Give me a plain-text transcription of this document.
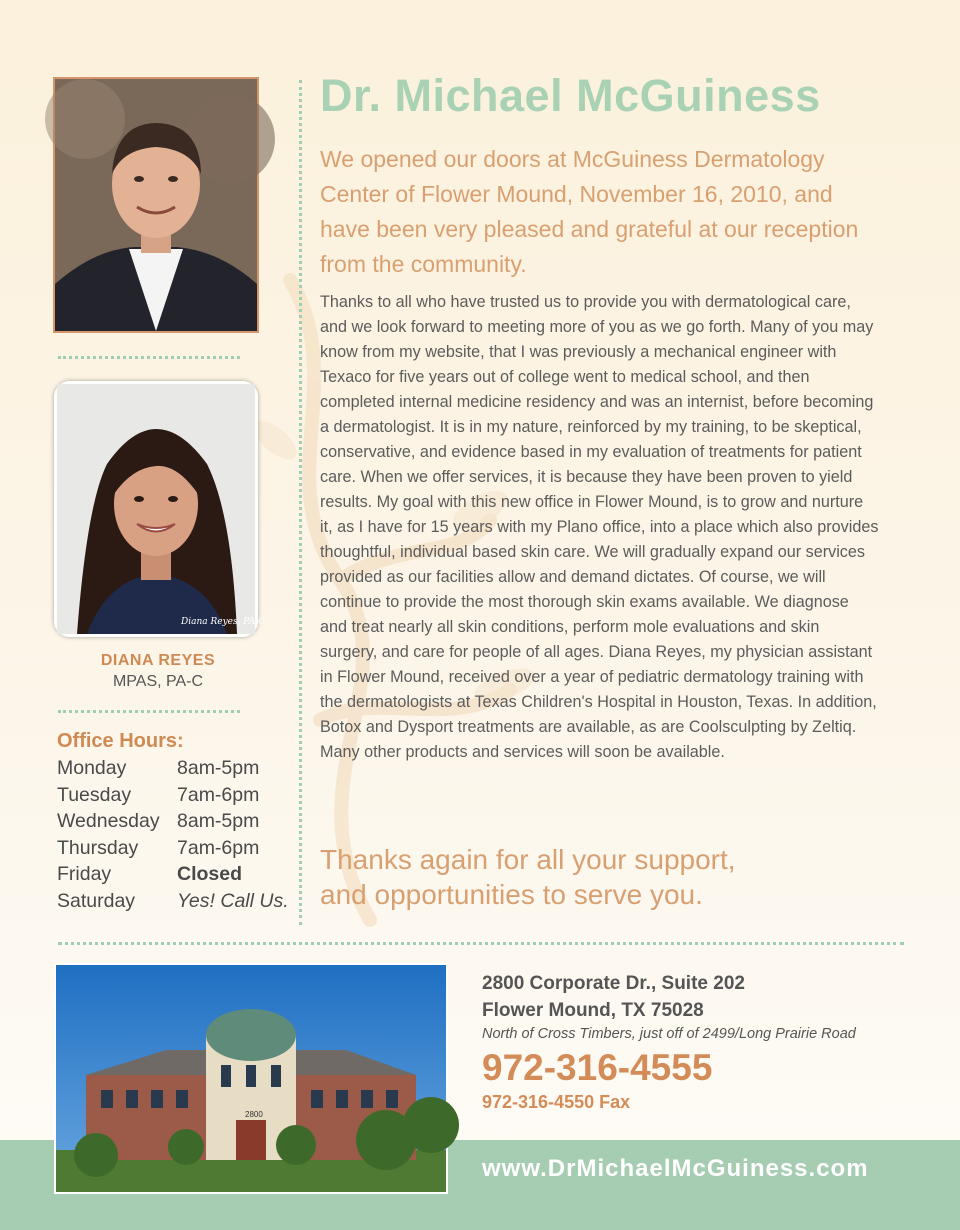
Diana Reyes, PA-C
Dr. Michael McGuiness
We opened our doors at McGuiness Dermatology Center of Flower Mound, November 16, 2010, and have been very pleased and grateful at our reception from the community.
Thanks to all who have trusted us to provide you with dermatological care, and we look forward to meeting more of you as we go forth. Many of you may know from my website, that I was previously a mechanical engineer with Texaco for five years out of college went to medical school, and then completed internal medicine residency and was an internist, before becoming a dermatologist. It is in my nature, reinforced by my training, to be skeptical, conservative, and evidence based in my evaluation of treatments for patient care. When we offer services, it is because they have been proven to yield results. My goal with this new office in Flower Mound, is to grow and nurture it, as I have for 15 years with my Plano office, into a place which also provides thoughtful, individual based skin care. We will gradually expand our services provided as our facilities allow and demand dictates. Of course, we will continue to provide the most thorough skin exams available. We diagnose and treat nearly all skin conditions, perform mole evaluations and skin surgery, and care for people of all ages. Diana Reyes, my physician assistant in Flower Mound, received over a year of pediatric dermatology training with the dermatologists at Texas Children's Hospital in Houston, Texas. In addition, Botox and Dysport treatments are available, as are Coolsculpting by Zeltiq. Many other products and services will soon be available.
Thanks again for all your support,
and opportunities to serve you.
DIANA REYES
MPAS, PA-C
Office Hours:
Monday	8am-5pm
Tuesday 7am-6pm
Wednesday 8am-5pm
Thursday 7am-6pm
Friday	Closed
Saturday Yes! Call Us.
2800
2800 Corporate Dr., Suite 202
Flower Mound, TX 75028
North of Cross Timbers, just off of 2499/Long Prairie Road
972-316-4555
972-316-4550 Fax
www.DrMichaelMcGuiness.com
